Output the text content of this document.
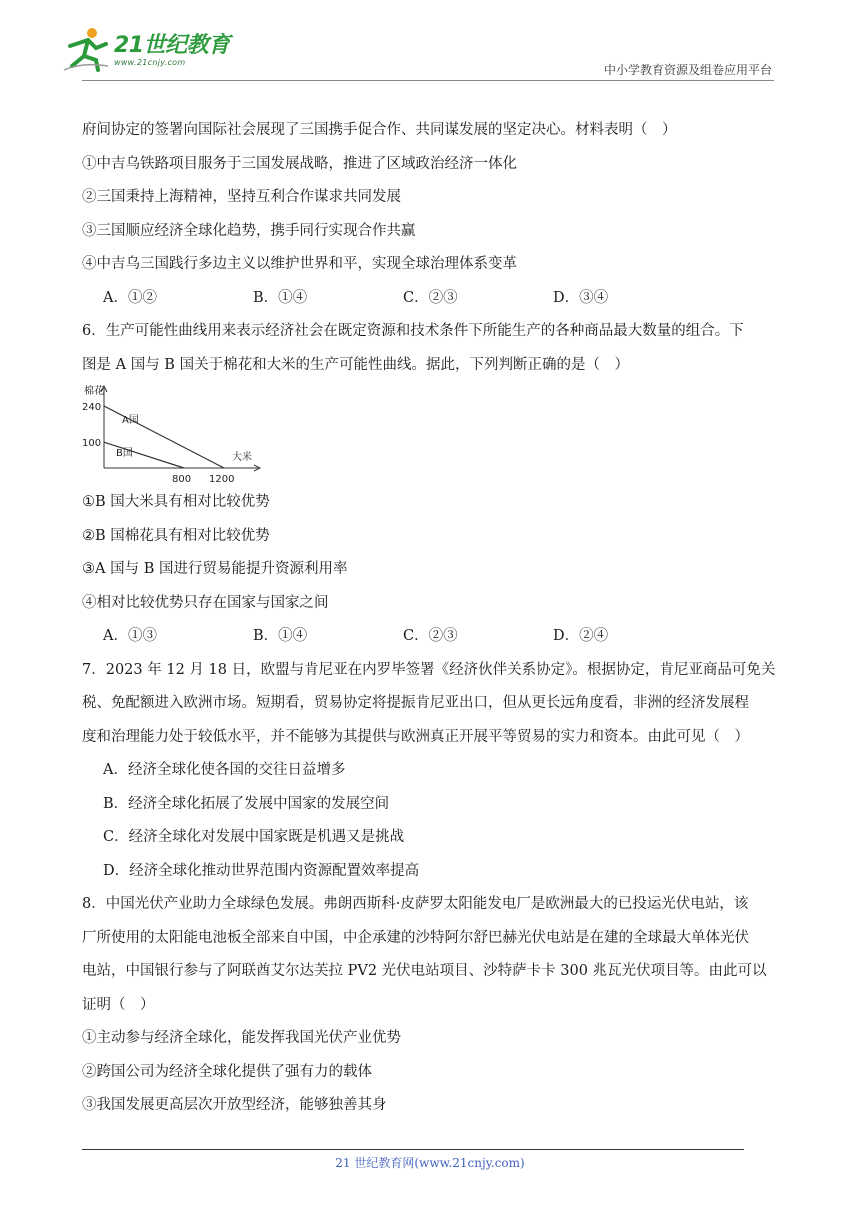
21世纪教育
www.21cnjy.com
中小学教育资源及组卷应用平台
府间协定的签署向国际社会展现了三国携手促合作、共同谋发展的坚定决心。材料表明（　）
①中吉乌铁路项目服务于三国发展战略，推进了区域政治经济一体化
②三国秉持上海精神，坚持互利合作谋求共同发展
③三国顺应经济全球化趋势，携手同行实现合作共赢
④中吉乌三国践行多边主义以维护世界和平，实现全球治理体系变革
A．①②	B．①④	C．②③	D．③④
6．生产可能性曲线用来表示经济社会在既定资源和技术条件下所能生产的各种商品最大数量的组合。下
图是 A 国与 B 国关于棉花和大米的生产可能性曲线。据此，下列判断正确的是（　）
棉花
大米
A国
B国
240
100
800 1200
①B 国大米具有相对比较优势
②B 国棉花具有相对比较优势
③A 国与 B 国进行贸易能提升资源利用率
④相对比较优势只存在国家与国家之间
A．①③	B．①④	C．②③	D．②④
7．2023 年 12 月 18 日，欧盟与肯尼亚在内罗毕签署《经济伙伴关系协定》。根据协定，肯尼亚商品可免关
税、免配额进入欧洲市场。短期看，贸易协定将提振肯尼亚出口，但从更长远角度看，非洲的经济发展程
度和治理能力处于较低水平，并不能够为其提供与欧洲真正开展平等贸易的实力和资本。由此可见（　）
A．经济全球化使各国的交往日益增多
B．经济全球化拓展了发展中国家的发展空间
C．经济全球化对发展中国家既是机遇又是挑战
D．经济全球化推动世界范围内资源配置效率提高
8．中国光伏产业助力全球绿色发展。弗朗西斯科·皮萨罗太阳能发电厂是欧洲最大的已投运光伏电站，该
厂所使用的太阳能电池板全部来自中国，中企承建的沙特阿尔舒巴赫光伏电站是在建的全球最大单体光伏
电站，中国银行参与了阿联酋艾尔达芙拉 PV2 光伏电站项目、沙特萨卡卡 300 兆瓦光伏项目等。由此可以
证明（　）
①主动参与经济全球化，能发挥我国光伏产业优势
②跨国公司为经济全球化提供了强有力的载体
③我国发展更高层次开放型经济，能够独善其身
21 世纪教育网(www.21cnjy.com)
